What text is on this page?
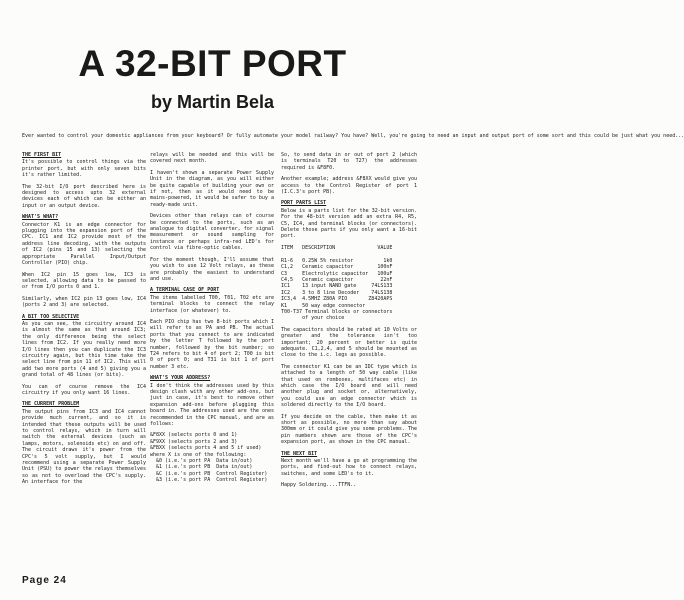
A 32-BIT PORT
by Martin Bela
Ever wanted to control your domestic appliances from your keyboard? Or fully automate your model railway? You have? Well, you're going to need an input and output port of some sort and this could be just what you need...
THE FIRST BIT
It's possible to control things via the printer port, but with only seven bits it's rather limited.
The 32-bit I/O port described here is designed to access upto 32 external devices each of which can be either an input or an output device.
WHAT'S WHAT?
Connector K1 is an edge connector for plugging into the expansion port of the CPC. IC1 and IC2 provide most of the address line decoding, with the outputs of IC2 (pins 15 and 13) selecting the appropriate Parallel Input/Output Controller (PIO) chip.
When IC2 pin 15 goes low, IC3 is selected, allowing data to be passed to or from I/O ports 0 and 1.
Similarly, when IC2 pin 13 goes low, IC4 (ports 2 and 3) are selected.
A BIT TOO SELECTIVE
As you can see, the circuitry around IC4 is almost the same as that around IC3; the only difference being the select lines from IC2. If you really need more I/O lines then you can duplicate the IC3 circuitry again, but this time take the select line from pin 11 of IC2. This will add two more ports (4 and 5) giving you a grand total of 48 lines (or bits).
You can of course remove the IC4 circuitry if you only want 16 lines.
THE CURRENT PROBLEM
The output pins from IC3 and IC4 cannot provide much current, and so it is intended that these outputs will be used to control relays, which in turn will switch the external devices (such as lamps, motors, solenoids etc) on and off. The circuit draws it's power from the CPC's 5 volt supply, but I would recommend using a separate Power Supply Unit (PSU) to power the relays themselves so as not to overload the CPC's supply. An interface for the
relays will be needed and this will be covered next month.
I haven't shown a separate Power Supply Unit in the diagram, as you will either be quite capable of building your own or if not, then as it would need to be mains-powered, it would be safer to buy a ready-made unit.
Devices other than relays can of course be connected to the ports, such as an analogue to digital converter, for signal measurement or sound sampling for instance or perhaps infra-red LED's for control via fibre-optic cables.
For the moment though, I'll assume that you wish to use 12 Volt relays, as these are probably the easiest to understand and use.
A TERMINAL CASE OF PORT
The items labelled T00, T01, T02 etc are terminal blocks to connect the relay interface (or whatever) to.
Each PIO chip has two 8-bit ports which I will refer to as PA and PB. The actual ports that you connect to are indicated by the letter T followed by the port number, followed by the bit number; so T24 refers to bit 4 of port 2; T00 is bit 0 of port 0; and T31 is bit 1 of port number 3 etc.
WHAT'S YOUR ADDRESS?
I don't think the addresses used by this design clash with any other add-ons, but just in case, it's best to remove other expansion add-ons before plugging this board in. The addresses used are the ones recommended in the CPC manual, and are as follows:
&F8XX (selects ports 0 and 1)
&F9XX (selects ports 2 and 3)
&FBXX (selects ports 4 and 5 if used)
where X is one of the following:
&0 (i.e.'s port PA  Data in/out)
&1 (i.e.'s port PB  Data in/out)
&C (i.e.'s port PB  Control Register)
&3 (i.e.'s port PA  Control Register)
So, to send data in or out of port 2 (which is terminals T20 to T27) the addresses required is &F8F0.
Another example; address &F8XX would give you access to the Control Register of port 1 (I.C.3's port PB).
PORT PARTS LIST
Below is a parts list for the 32-bit version. For the 48-bit version add an extra R4, R5, C5, IC4, and terminal blocks (or connectors). Delete those parts if you only want a 16-bit port.
ITEM   DESCRIPTION              VALUE

R1-6   0.25W 5% resistor          1k0
C1,2   Ceramic capacitor        100nF
C3     Electrolytic capacitor   100uF
C4,5   Ceramic capacitor         22nF
IC1    13 input NAND gate     74LS133
IC2    3 to 8 line Decoder    74LS138
IC3,4  4.5MHZ Z80A PIO       Z8420APS
K1     50 way edge connector
T00-T37 Terminal blocks or connectors
of your choice
The capacitors should be rated at 10 Volts or greater and the tolerance isn't too important; 20 percent or better is quite adequate. C1,2,4, and 5 should be mounted as close to the i.c. legs as possible.
The connector K1 can be an IDC type which is attached to a length of 50 way cable (like that used on romboxes, multifaces etc) in which case the I/O board end will need another plug and socket or, alternatively, you could use an edge connector which is soldered directly to the I/O board.
If you decide on the cable, then make it as short as possible, no more than say about 300mm or it could give you some problems. The pin numbers shown are those of the CPC's expansion port, as shown in the CPC manual.
THE NEXT BIT
Next month we'll have a go at programming the ports, and find-out how to connect relays, switches, and some LED's to it.
Happy Soldering....TTFN..
Page 24
